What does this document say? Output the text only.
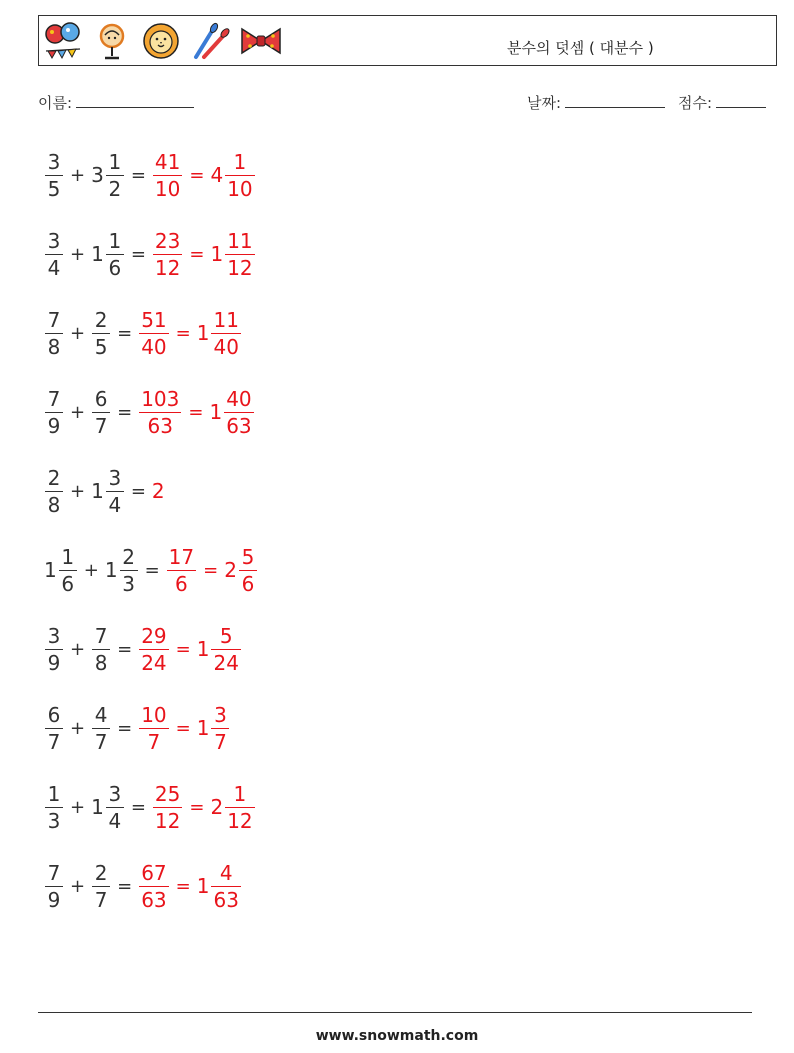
분수의 덧셈 ( 대분수 )
이름:	날짜:	점수:
$\frac{3}{5} + 3 \frac{1}{2} = \frac{41}{10} = 4 \frac{1}{10}$
$\frac{3}{4} + 1 \frac{1}{6} = \frac{23}{12} = 1 \frac{11}{12}$
$\frac{7}{8} + \frac{2}{5} = \frac{51}{40} = 1 \frac{11}{40}$
$\frac{7}{9} + \frac{6}{7} = \frac{103}{63} = 1 \frac{40}{63}$
$\frac{2}{8} + 1 \frac{3}{4} = 2$
$1 \frac{1}{6} + 1 \frac{2}{3} = \frac{17}{6} = 2 \frac{5}{6}$
$\frac{3}{9} + \frac{7}{8} = \frac{29}{24} = 1 \frac{5}{24}$
$\frac{6}{7} + \frac{4}{7} = \frac{10}{7} = 1 \frac{3}{7}$
$\frac{1}{3} + 1 \frac{3}{4} = \frac{25}{12} = 2 \frac{1}{12}$
$\frac{7}{9} + \frac{2}{7} = \frac{67}{63} = 1 \frac{4}{63}$
www.snowmath.com
